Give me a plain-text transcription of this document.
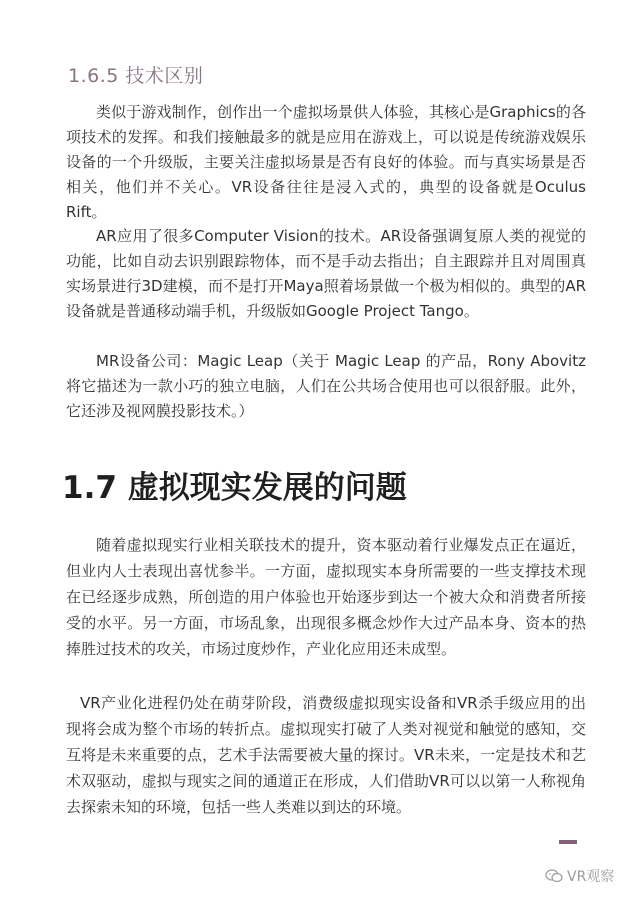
1.6.5 技术区别

类似于游戏制作，创作出一个虚拟场景供人体验，其核心是Graphics的各项技术的发挥。和我们接触最多的就是应用在游戏上，可以说是传统游戏娱乐设备的一个升级版，主要关注虚拟场景是否有良好的体验。而与真实场景是否相关，他们并不关心。VR设备往往是浸入式的，典型的设备就是Oculus Rift。

AR应用了很多Computer Vision的技术。AR设备强调复原人类的视觉的功能，比如自动去识别跟踪物体，而不是手动去指出；自主跟踪并且对周围真实场景进行3D建模，而不是打开Maya照着场景做一个极为相似的。典型的AR设备就是普通移动端手机，升级版如Google Project Tango。

MR设备公司：Magic Leap（关于 Magic Leap 的产品，Rony Abovitz 将它描述为一款小巧的独立电脑，人们在公共场合使用也可以很舒服。此外，它还涉及视网膜投影技术。）

1.7 虚拟现实发展的问题

随着虚拟现实行业相关联技术的提升，资本驱动着行业爆发点正在逼近，但业内人士表现出喜忧参半。一方面，虚拟现实本身所需要的一些支撑技术现在已经逐步成熟，所创造的用户体验也开始逐步到达一个被大众和消费者所接受的水平。另一方面，市场乱象，出现很多概念炒作大过产品本身、资本的热捧胜过技术的攻关，市场过度炒作，产业化应用还未成型。

VR产业化进程仍处在萌芽阶段，消费级虚拟现实设备和VR杀手级应用的出现将会成为整个市场的转折点。虚拟现实打破了人类对视觉和触觉的感知，交互将是未来重要的点，艺术手法需要被大量的探讨。VR未来，一定是技术和艺术双驱动，虚拟与现实之间的通道正在形成，人们借助VR可以以第一人称视角去探索未知的环境，包括一些人类难以到达的环境。

VR观察
